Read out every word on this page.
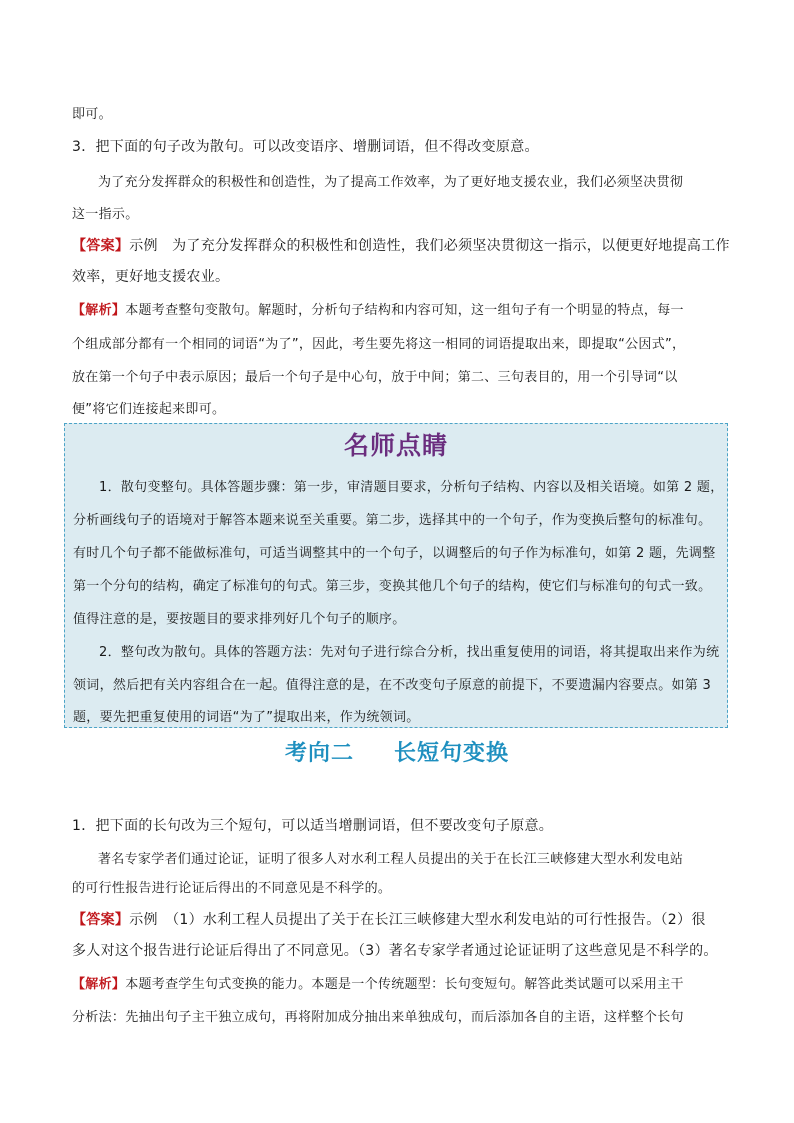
即可。
3．把下面的句子改为散句。可以改变语序、增删词语，但不得改变原意。
为了充分发挥群众的积极性和创造性，为了提高工作效率，为了更好地支援农业，我们必须坚决贯彻
这一指示。
【答案】示例　为了充分发挥群众的积极性和创造性，我们必须坚决贯彻这一指示，以便更好地提高工作
效率，更好地支援农业。
【解析】本题考查整句变散句。解题时，分析句子结构和内容可知，这一组句子有一个明显的特点，每一
个组成部分都有一个相同的词语“为了”，因此，考生要先将这一相同的词语提取出来，即提取“公因式”，
放在第一个句子中表示原因；最后一个句子是中心句，放于中间；第二、三句表目的，用一个引导词“以
便”将它们连接起来即可。
名师点睛
1．散句变整句。具体答题步骤：第一步，审清题目要求，分析句子结构、内容以及相关语境。如第 2 题，
分析画线句子的语境对于解答本题来说至关重要。第二步，选择其中的一个句子，作为变换后整句的标准句。
有时几个句子都不能做标准句，可适当调整其中的一个句子，以调整后的句子作为标准句，如第 2 题，先调整
第一个分句的结构，确定了标准句的句式。第三步，变换其他几个句子的结构，使它们与标准句的句式一致。
值得注意的是，要按题目的要求排列好几个句子的顺序。
2．整句改为散句。具体的答题方法：先对句子进行综合分析，找出重复使用的词语，将其提取出来作为统
领词，然后把有关内容组合在一起。值得注意的是，在不改变句子原意的前提下，不要遗漏内容要点。如第 3
题，要先把重复使用的词语“为了”提取出来，作为统领词。
考向二 长短句变换
1．把下面的长句改为三个短句，可以适当增删词语，但不要改变句子原意。
著名专家学者们通过论证，证明了很多人对水利工程人员提出的关于在长江三峡修建大型水利发电站
的可行性报告进行论证后得出的不同意见是不科学的。
【答案】示例　（1）水利工程人员提出了关于在长江三峡修建大型水利发电站的可行性报告。（2）很
多人对这个报告进行论证后得出了不同意见。（3）著名专家学者通过论证证明了这些意见是不科学的。
【解析】本题考查学生句式变换的能力。本题是一个传统题型：长句变短句。解答此类试题可以采用主干
分析法：先抽出句子主干独立成句，再将附加成分抽出来单独成句，而后添加各自的主语，这样整个长句
